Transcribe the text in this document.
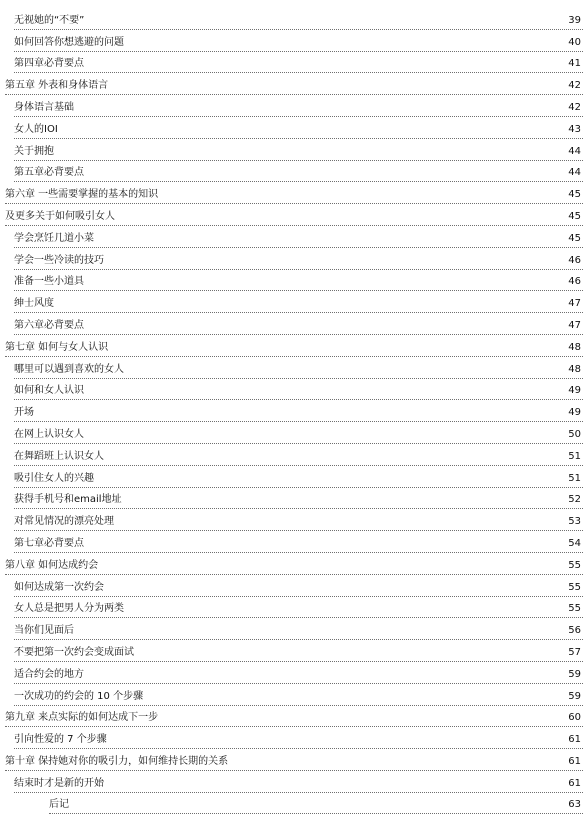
无视她的“不要”	39
如何回答你想逃避的问题	40
第四章必背要点	41
第五章 外表和身体语言	42
身体语言基础	42
女人的IOI	43
关于拥抱	44
第五章必背要点	44
第六章 一些需要掌握的基本的知识	45
及更多关于如何吸引女人	45
学会烹饪几道小菜	45
学会一些冷读的技巧	46
准备一些小道具	46
绅士风度	47
第六章必背要点	47
第七章 如何与女人认识	48
哪里可以遇到喜欢的女人	48
如何和女人认识	49
开场	49
在网上认识女人	50
在舞蹈班上认识女人	51
吸引住女人的兴趣	51
获得手机号和email地址	52
对常见情况的漂亮处理	53
第七章必背要点	54
第八章 如何达成约会	55
如何达成第一次约会	55
女人总是把男人分为两类	55
当你们见面后	56
不要把第一次约会变成面试	57
适合约会的地方	59
一次成功的约会的 10 个步骤	59
第九章 来点实际的如何达成下一步	60
引向性爱的 7 个步骤	61
第十章 保持她对你的吸引力，如何维持长期的关系	61
结束时才是新的开始	61
后记	63
